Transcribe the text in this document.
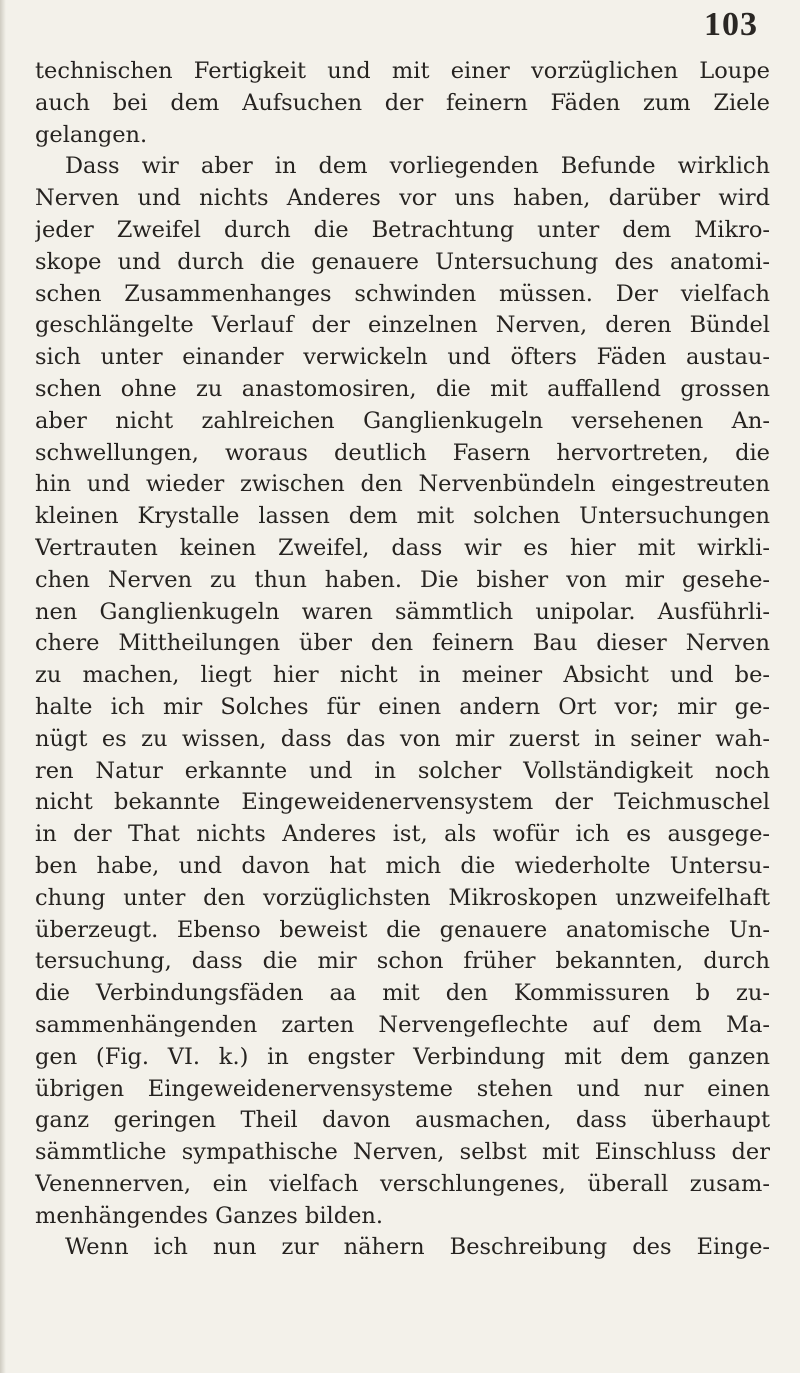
103
technischen Fertigkeit und mit einer vorzüglichen Loupe
auch bei dem Aufsuchen der feinern Fäden zum Ziele
gelangen.
Dass wir aber in dem vorliegenden Befunde wirklich
Nerven und nichts Anderes vor uns haben, darüber wird
jeder Zweifel durch die Betrachtung unter dem Mikro-
skope und durch die genauere Untersuchung des anatomi-
schen Zusammenhanges schwinden müssen. Der vielfach
geschlängelte Verlauf der einzelnen Nerven, deren Bündel
sich unter einander verwickeln und öfters Fäden austau-
schen ohne zu anastomosiren, die mit auffallend grossen
aber nicht zahlreichen Ganglienkugeln versehenen An-
schwellungen, woraus deutlich Fasern hervortreten, die
hin und wieder zwischen den Nervenbündeln eingestreuten
kleinen Krystalle lassen dem mit solchen Untersuchungen
Vertrauten keinen Zweifel, dass wir es hier mit wirkli-
chen Nerven zu thun haben. Die bisher von mir gesehe-
nen Ganglienkugeln waren sämmtlich unipolar. Ausführli-
chere Mittheilungen über den feinern Bau dieser Nerven
zu machen, liegt hier nicht in meiner Absicht und be-
halte ich mir Solches für einen andern Ort vor; mir ge-
nügt es zu wissen, dass das von mir zuerst in seiner wah-
ren Natur erkannte und in solcher Vollständigkeit noch
nicht bekannte Eingeweidenervensystem der Teichmuschel
in der That nichts Anderes ist, als wofür ich es ausgege-
ben habe, und davon hat mich die wiederholte Untersu-
chung unter den vorzüglichsten Mikroskopen unzweifelhaft
überzeugt. Ebenso beweist die genauere anatomische Un-
tersuchung, dass die mir schon früher bekannten, durch
die Verbindungsfäden aa mit den Kommissuren b zu-
sammenhängenden zarten Nervengeflechte auf dem Ma-
gen (Fig. VI. k.) in engster Verbindung mit dem ganzen
übrigen Eingeweidenervensysteme stehen und nur einen
ganz geringen Theil davon ausmachen, dass überhaupt
sämmtliche sympathische Nerven, selbst mit Einschluss der
Venennerven, ein vielfach verschlungenes, überall zusam-
menhängendes Ganzes bilden.
Wenn ich nun zur nähern Beschreibung des Einge-
